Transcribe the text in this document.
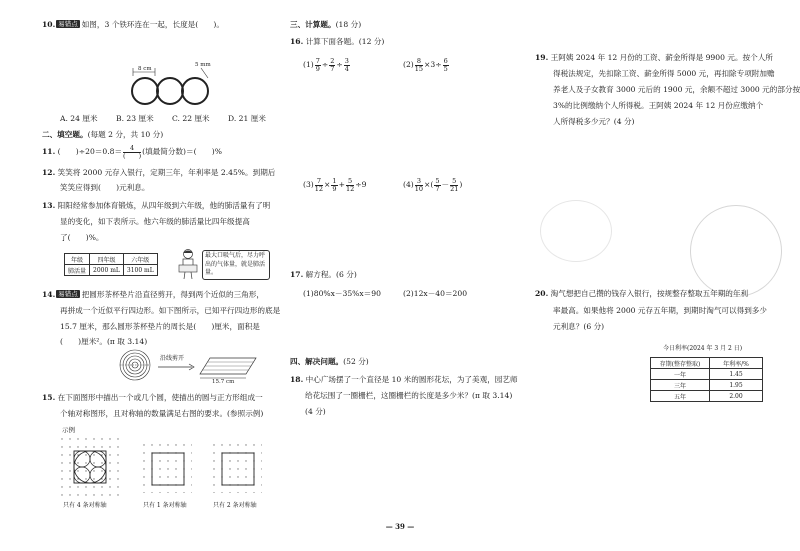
10. 易错点 如图，3 个铁环连在一起，长度是(　　)。
8 cm
5 mm
A. 24 厘米 B. 23 厘米 C. 22 厘米 D. 21 厘米
二、填空题。(每题 2 分，共 10 分)
11. (　　)$\div 20=0.8= \frac{4}{( )}$ (填最简分数)＝(　　)%
12. 笑笑将 2000 元存入银行，定期三年，年利率是 2.45%。到期后
笑笑应得到(　　)元利息。
13. 阳阳经常参加体育锻炼，从四年级到六年级，他的肺活量有了明
显的变化，如下表所示。他六年级的肺活量比四年级提高
了(　　)%。
年级	四年级	六年级
肺活量	2000 mL	3100 mL
最大口吸气后，尽力呼出的气体量，就是肺活量。
14. 易错点 把圆形茶杯垫片沿直径剪开，得到两个近似的三角形，
再拼成一个近似平行四边形。如下图所示，已知平行四边形的底是
15.7 厘米，那么圆形茶杯垫片的周长是(　　)厘米，面积是
(　　)厘米²。(π 取 3.14)
沿线剪开
15.7 cm
15. 在下面图形中描出一个或几个圆，使描出的圆与正方形组成一
个轴对称图形，且对称轴的数量满足右图的要求。(参照示例)
示例
只有 4 条对称轴	只有 1 条对称轴	只有 2 条对称轴
三、计算题。(18 分)
16. 计算下面各题。(12 分)
$(1) \frac{7}{9} \div \frac{2}{7} \div \frac{3}{4}$	$(2) \frac{8}{15} \times 3\div \frac{6}{5}$
$(3) \frac{7}{12} \times \frac{1}{9} + \frac{5}{12} \div 9$	$(4) \frac{3}{10}$ ×( $\frac{5}{7} - \frac{5}{21}$ )
17. 解方程。(6 分)
(1)80%x－35%x＝90	(2)12x－40＝200
四、解决问题。(52 分)
18. 中心广场摆了一个直径是 10 米的圆形花坛，为了美观，园艺师
给花坛围了一圈栅栏，这圈栅栏的长度是多少米？(π 取 3.14)
(4 分)
19. 王阿姨 2024 年 12 月份的工资、薪金所得是 9900 元。按个人所
得税法规定，先扣除工资、薪金所得 5000 元，再扣除专项附加赡
养老人及子女教育 3000 元后的 1900 元，余额不超过 3000 元的部分按
3%的比例缴纳个人所得税。王阿姨 2024 年 12 月份应缴纳个
人所得税多少元？(4 分)
20. 淘气想把自己攒的钱存入银行，按规整存整取五年期的年利
率最高。如果他将 2000 元存五年期，到期时淘气可以得到多少
元利息？(6 分)
今日利率(2024 年 3 月 2 日)
存期(整存整取)	年利率/%
一年	1.45
三年	1.95
五年	2.00
— 39 —
